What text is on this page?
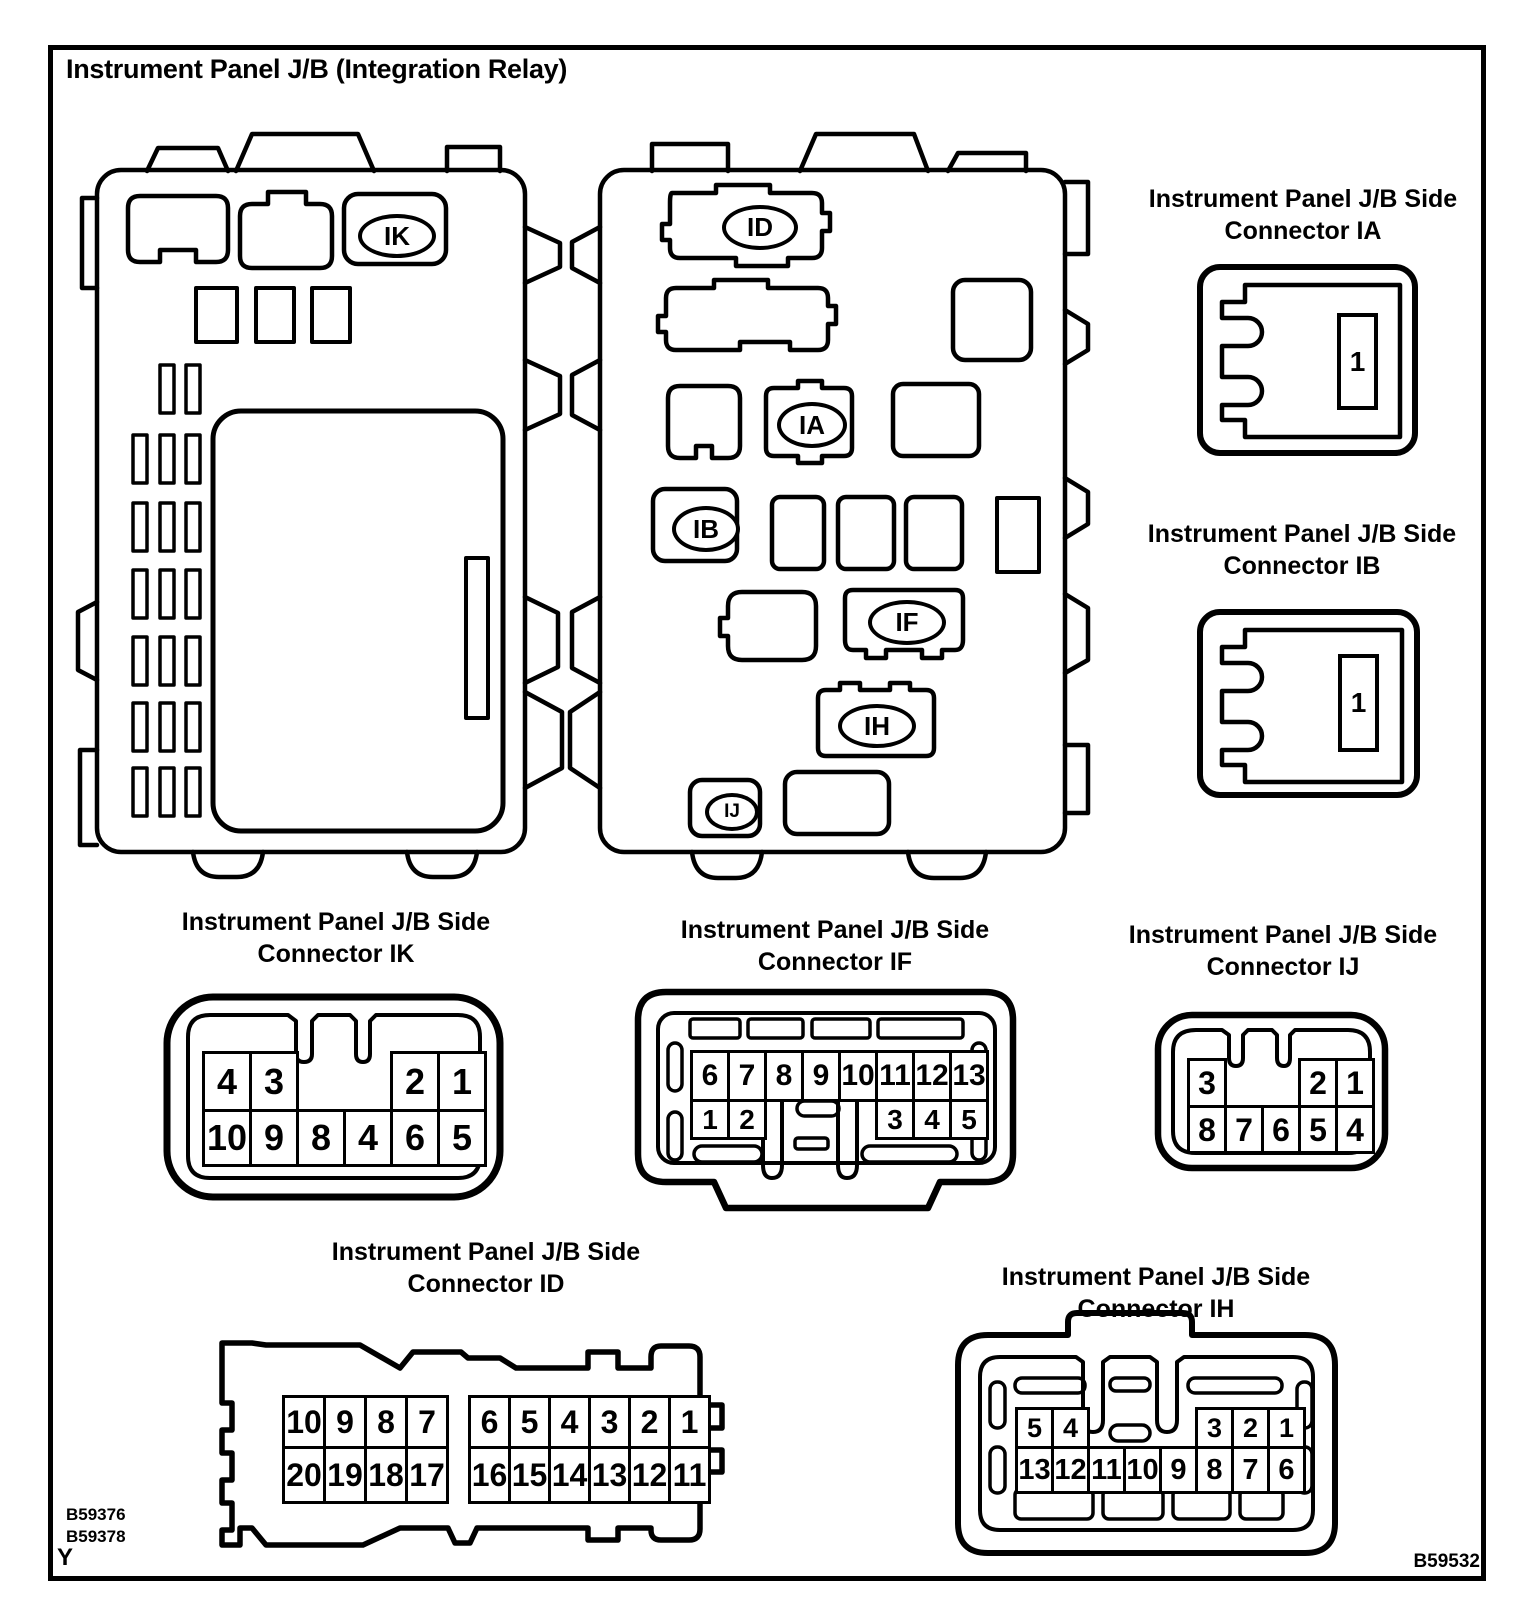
Instrument Panel J/B (Integration Relay)
IK	ID
IA
IB
IF
IH
IJ
Instrument Panel J/B Side
Connector IA
Instrument Panel J/B Side
Connector IB
Instrument Panel J/B Side
Connector IK
Instrument Panel J/B Side
Connector IF
Instrument Panel J/B Side
Connector IJ
Instrument Panel J/B Side
Connector ID	Instrument Panel J/B Side
Connector IH
1
1
4	3			2	1
10	9	8	4	6	5
6	7	8	9	10	11	12	13
1	2				3	4	5
3			2	1
8	7	6	5	4
10	9	8	7
20	19	18	17
6	5	4	3	2	1
16	15	14	13	12	11
5	4				3	2	1
13	12	11	10	9	8	7	6
B59376
B59378
Y	B59532
